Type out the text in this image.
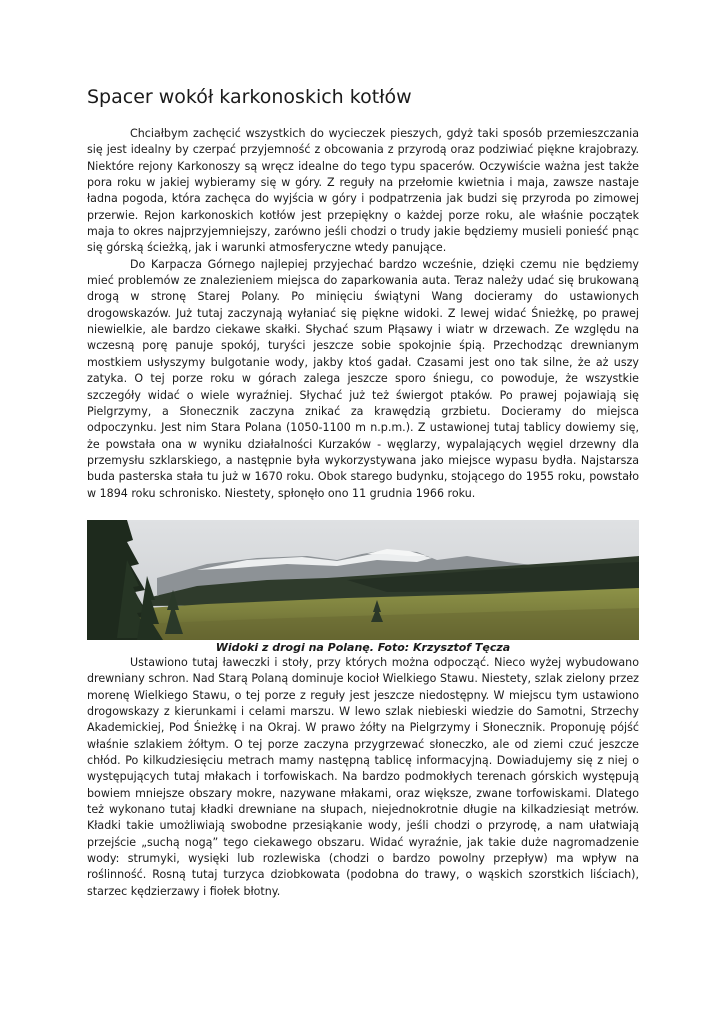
Spacer wokół karkonoskich kotłów

Chciałbym zachęcić wszystkich do wycieczek pieszych, gdyż taki sposób przemieszczania się jest idealny by czerpać przyjemność z obcowania z przyrodą oraz podziwiać piękne krajobrazy. Niektóre rejony Karkonoszy są wręcz idealne do tego typu spacerów. Oczywiście ważna jest także pora roku w jakiej wybieramy się w góry. Z reguły na przełomie kwietnia i maja, zawsze nastaje ładna pogoda, która zachęca do wyjścia w góry i podpatrzenia jak budzi się przyroda po zimowej przerwie. Rejon karkonoskich kotłów jest przepiękny o każdej porze roku, ale właśnie początek maja to okres najprzyjemniejszy, zarówno jeśli chodzi o trudy jakie będziemy musieli ponieść pnąc się górską ścieżką, jak i warunki atmosferyczne wtedy panujące.

Do Karpacza Górnego najlepiej przyjechać bardzo wcześnie, dzięki czemu nie będziemy mieć problemów ze znalezieniem miejsca do zaparkowania auta. Teraz należy udać się brukowaną drogą w stronę Starej Polany. Po minięciu świątyni Wang docieramy do ustawionych drogowskazów. Już tutaj zaczynają wyłaniać się piękne widoki. Z lewej widać Śnieżkę, po prawej niewielkie, ale bardzo ciekawe skałki. Słychać szum Płąsawy i wiatr w drzewach. Ze względu na wczesną porę panuje spokój, turyści jeszcze sobie spokojnie śpią. Przechodząc drewnianym mostkiem usłyszymy bulgotanie wody, jakby ktoś gadał. Czasami jest ono tak silne, że aż uszy zatyka. O tej porze roku w górach zalega jeszcze sporo śniegu, co powoduje, że wszystkie szczegóły widać o wiele wyraźniej. Słychać już też świergot ptaków. Po prawej pojawiają się Pielgrzymy, a Słonecznik zaczyna znikać za krawędzią grzbietu. Docieramy do miejsca odpoczynku. Jest nim Stara Polana (1050-1100 m n.p.m.). Z ustawionej tutaj tablicy dowiemy się, że powstała ona w wyniku działalności Kurzaków - węglarzy, wypalających węgiel drzewny dla przemysłu szklarskiego, a następnie była wykorzystywana jako miejsce wypasu bydła. Najstarsza buda pasterska stała tu już w 1670 roku. Obok starego budynku, stojącego do 1955 roku, powstało w 1894 roku schronisko. Niestety, spłonęło ono 11 grudnia 1966 roku.

Widoki z drogi na Polanę. Foto: Krzysztof Tęcza

Ustawiono tutaj ławeczki i stoły, przy których można odpocząć. Nieco wyżej wybudowano drewniany schron. Nad Starą Polaną dominuje kocioł Wielkiego Stawu. Niestety, szlak zielony przez morenę Wielkiego Stawu, o tej porze z reguły jest jeszcze niedostępny. W miejscu tym ustawiono drogowskazy z kierunkami i celami marszu. W lewo szlak niebieski wiedzie do Samotni, Strzechy Akademickiej, Pod Śnieżkę i na Okraj. W prawo żółty na Pielgrzymy i Słonecznik. Proponuję pójść właśnie szlakiem żółtym. O tej porze zaczyna przygrzewać słoneczko, ale od ziemi czuć jeszcze chłód. Po kilkudziesięciu metrach mamy następną tablicę informacyjną. Dowiadujemy się z niej o występujących tutaj młakach i torfowiskach. Na bardzo podmokłych terenach górskich występują bowiem mniejsze obszary mokre, nazywane młakami, oraz większe, zwane torfowiskami. Dlatego też wykonano tutaj kładki drewniane na słupach, niejednokrotnie długie na kilkadziesiąt metrów. Kładki takie umożliwiają swobodne przesiąkanie wody, jeśli chodzi o przyrodę, a nam ułatwiają przejście „suchą nogą” tego ciekawego obszaru. Widać wyraźnie, jak takie duże nagromadzenie wody: strumyki, wysięki lub rozlewiska (chodzi o bardzo powolny przepływ) ma wpływ na roślinność. Rosną tutaj turzyca dziobkowata (podobna do trawy, o wąskich szorstkich liściach), starzec kędzierzawy i fiołek błotny.
